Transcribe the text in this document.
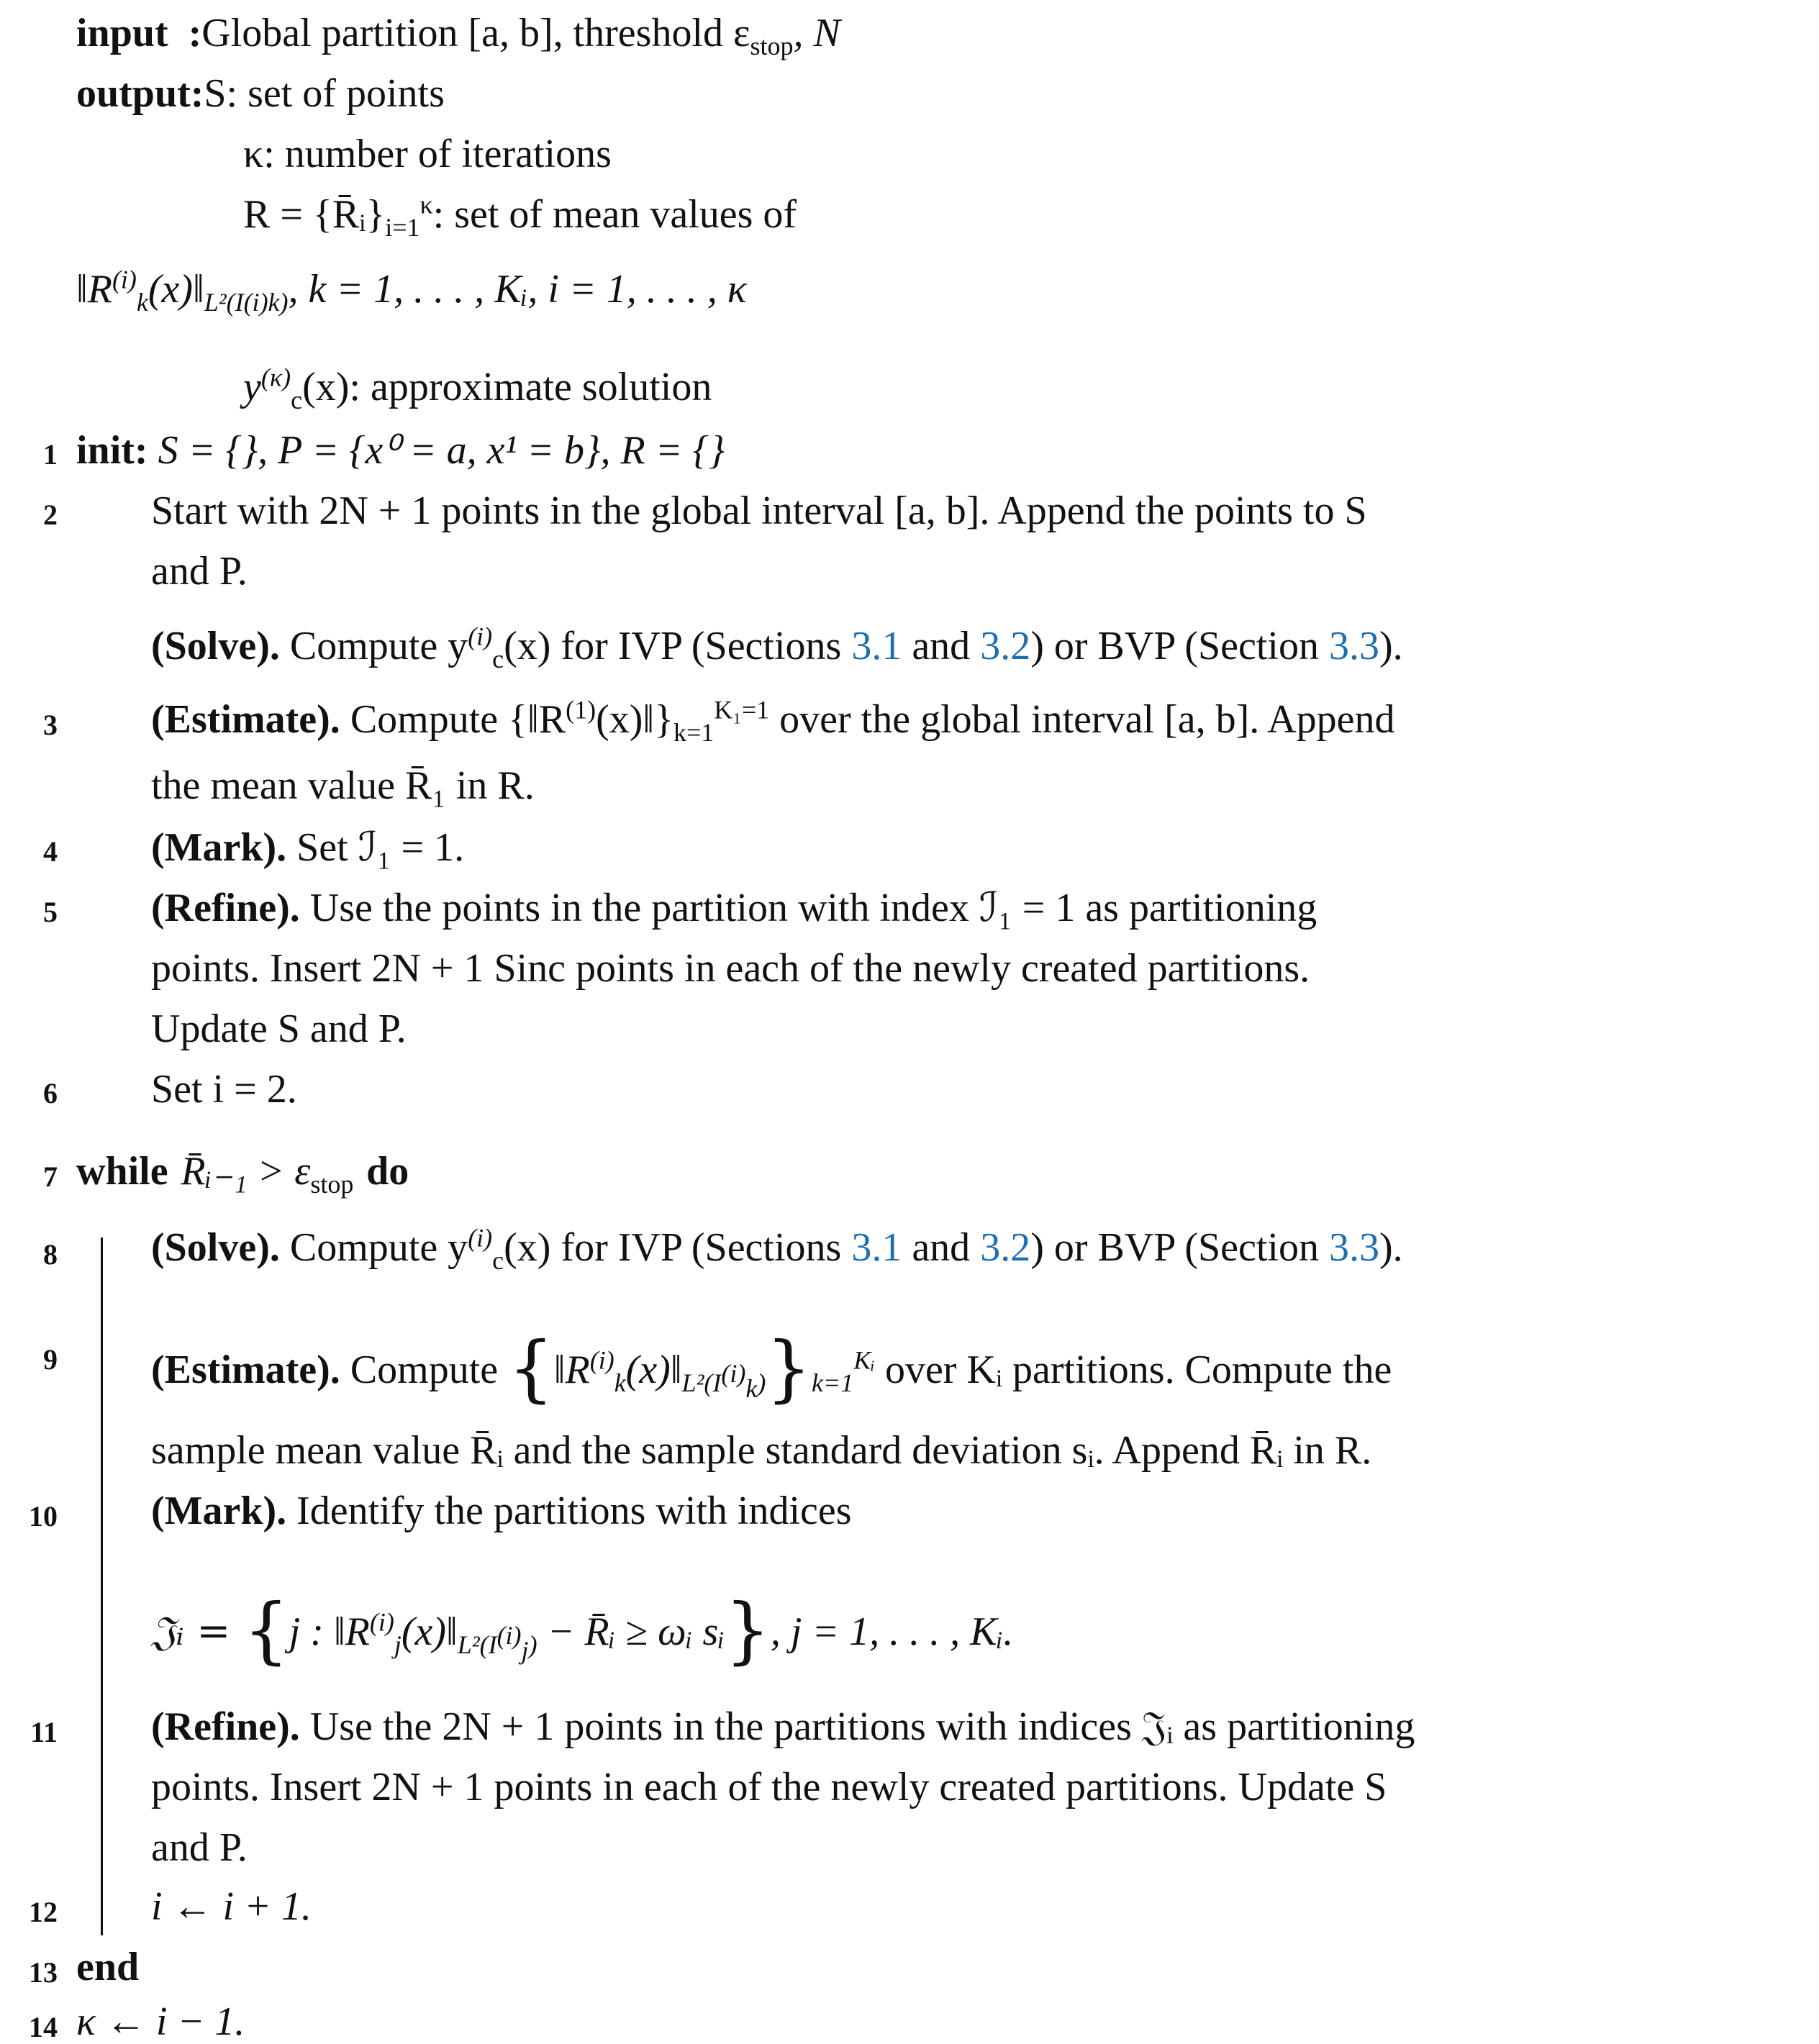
input  :Global partition [a, b], threshold $\varepsilon_{stop}$, N
output:S: set of points
κ: number of iterations
$R = \{R̄ᵢ\}_{i=1}^\kappa$: set of mean values of
$‖R^{(i)}_k(x)‖_{L^2(I(i)k)}$, k = 1, . . . , Kᵢ, i = 1, . . . , κ
$y^{(\kappa)}_c(x)$: approximate solution
1 init: S = {}, P = {x⁰ = a, x¹ = b}, R = {}
2 Start with 2N + 1 points in the global interval [a, b]. Append the points to S
and P.
(Solve). Compute $y^{(i)}_c(x)$ for IVP (Sections 3.1 and 3.2) or BVP (Section 3.3).
3 (Estimate). Compute $\{‖R^{(1)}(x)‖\}_{k=1}^{K_1=1}$ over the global interval [a, b]. Append
the mean value R̄₁ in R.
4 (Mark). Set ℐ₁ = 1.
5 (Refine). Use the points in the partition with index ℐ₁ = 1 as partitioning
points. Insert 2N + 1 Sinc points in each of the newly created partitions.
Update S and P.
6 Set i = 2.
7 while R̄ᵢ₋₁ > $\varepsilon_{stop}$ do
8 (Solve). Compute $y^{(i)}_c(x)$ for IVP (Sections 3.1 and 3.2) or BVP (Section 3.3).
9 (Estimate). Compute $\{‖R^{(i)}_k(x)‖_{L^2(I^{(i)}_k)}\}_{k=1}^{Kᵢ}$ over Kᵢ partitions. Compute the
sample mean value R̄ᵢ and the sample standard deviation sᵢ. Append R̄ᵢ in R.
10 (Mark). Identify the partitions with indices
𝔍ᵢ = {j : $‖R^{(i)}_j(x)‖_{L^2(I^{(i)}_j)}$ − R̄ᵢ ≥ ωᵢ sᵢ}, j = 1, . . . , Kᵢ.
11 (Refine). Use the 2N + 1 points in the partitions with indices 𝔍ᵢ as partitioning
points. Insert 2N + 1 points in each of the newly created partitions. Update S
and P.
12 i ← i + 1.
13 end
14 κ ← i − 1.
